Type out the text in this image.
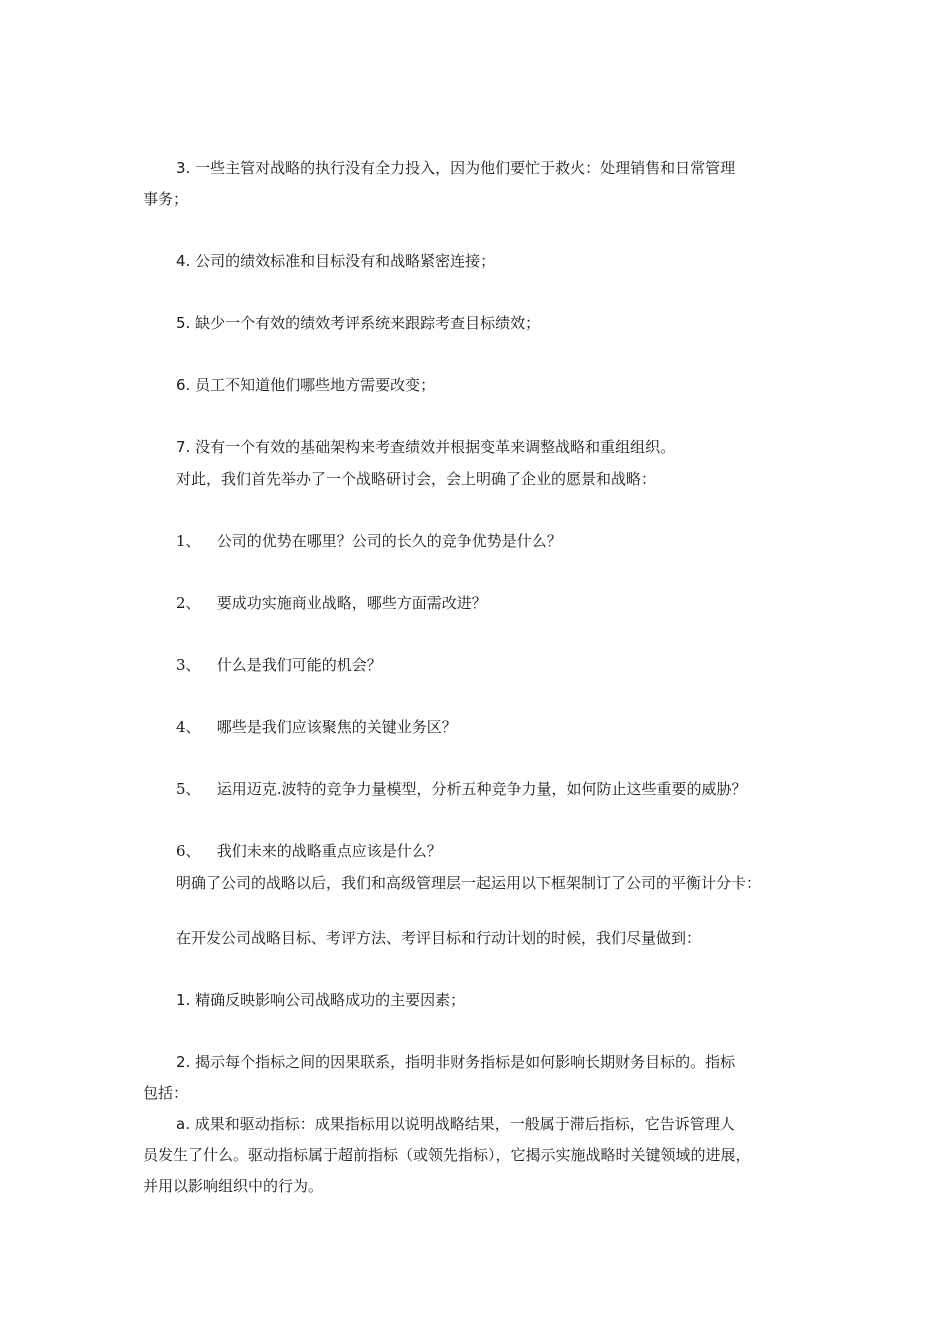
3. 一些主管对战略的执行没有全力投入，因为他们要忙于救火：处理销售和日常管理
事务；
4. 公司的绩效标准和目标没有和战略紧密连接；
5. 缺少一个有效的绩效考评系统来跟踪考查目标绩效；
6. 员工不知道他们哪些地方需要改变；
7. 没有一个有效的基础架构来考查绩效并根据变革来调整战略和重组组织。
对此，我们首先举办了一个战略研讨会，会上明确了企业的愿景和战略：
1、 公司的优势在哪里？公司的长久的竞争优势是什么？
2、 要成功实施商业战略，哪些方面需改进？
3、 什么是我们可能的机会？
4、 哪些是我们应该聚焦的关键业务区？
5、 运用迈克.波特的竞争力量模型，分析五种竞争力量，如何防止这些重要的威胁？
6、 我们未来的战略重点应该是什么？
明确了公司的战略以后，我们和高级管理层一起运用以下框架制订了公司的平衡计分卡：
在开发公司战略目标、考评方法、考评目标和行动计划的时候，我们尽量做到：
1. 精确反映影响公司战略成功的主要因素；
2. 揭示每个指标之间的因果联系，指明非财务指标是如何影响长期财务目标的。指标
包括：
a. 成果和驱动指标：成果指标用以说明战略结果，一般属于滞后指标，它告诉管理人
员发生了什么。驱动指标属于超前指标（或领先指标），它揭示实施战略时关键领域的进展，
并用以影响组织中的行为。
